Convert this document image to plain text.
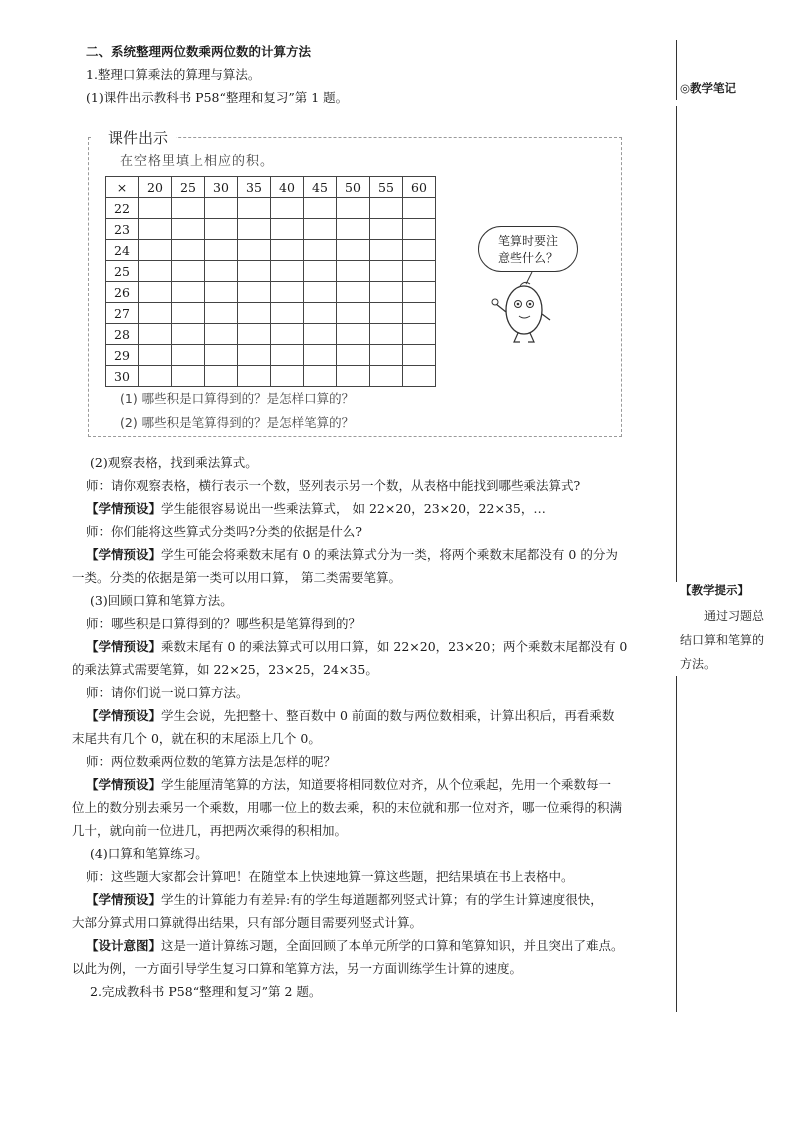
◎教学笔记
【教学提示】
通过习题总
结口算和笔算的
方法。

二、系统整理两位数乘两位数的计算方法

1.整理口算乘法的算理与算法。

(1)课件出示教科书 P58“整理和复习”第 1 题。

课件出示
在空格里填上相应的积。
×	20	25	30	35	40	45	50	55	60
22									
23									
24									
25									
26									
27									
28									
29									
30									
(1) 哪些积是口算得到的？是怎样口算的？
(2) 哪些积是笔算得到的？是怎样笔算的？
笔算时要注
意些什么？

(2)观察表格，找到乘法算式。

师：请你观察表格，横行表示一个数，竖列表示另一个数，从表格中能找到哪些乘法算式?

【学情预设】学生能很容易说出一些乘法算式， 如 22×20，23×20，22×35，…

师：你们能将这些算式分类吗?分类的依据是什么?

【学情预设】学生可能会将乘数末尾有 0 的乘法算式分为一类，将两个乘数末尾都没有 0 的分为

一类。分类的依据是第一类可以用口算， 第二类需要笔算。

(3)回顾口算和笔算方法。

师：哪些积是口算得到的？哪些积是笔算得到的？

【学情预设】乘数末尾有 0 的乘法算式可以用口算，如 22×20，23×20；两个乘数末尾都没有 0

的乘法算式需要笔算，如 22×25，23×25，24×35。

师：请你们说一说口算方法。

【学情预设】学生会说，先把整十、整百数中 0 前面的数与两位数相乘，计算出积后，再看乘数

末尾共有几个 0，就在积的末尾添上几个 0。

师：两位数乘两位数的笔算方法是怎样的呢？

【学情预设】学生能厘清笔算的方法，知道要将相同数位对齐，从个位乘起，先用一个乘数每一

位上的数分别去乘另一个乘数，用哪一位上的数去乘，积的末位就和那一位对齐，哪一位乘得的积满

几十，就向前一位进几，再把两次乘得的积相加。

(4)口算和笔算练习。

师：这些题大家都会计算吧！在随堂本上快速地算一算这些题，把结果填在书上表格中。

【学情预设】学生的计算能力有差异:有的学生每道题都列竖式计算；有的学生计算速度很快，

大部分算式用口算就得出结果，只有部分题目需要列竖式计算。

【设计意图】这是一道计算练习题，全面回顾了本单元所学的口算和笔算知识，并且突出了难点。

以此为例，一方面引导学生复习口算和笔算方法，另一方面训练学生计算的速度。

2.完成教科书 P58“整理和复习”第 2 题。
